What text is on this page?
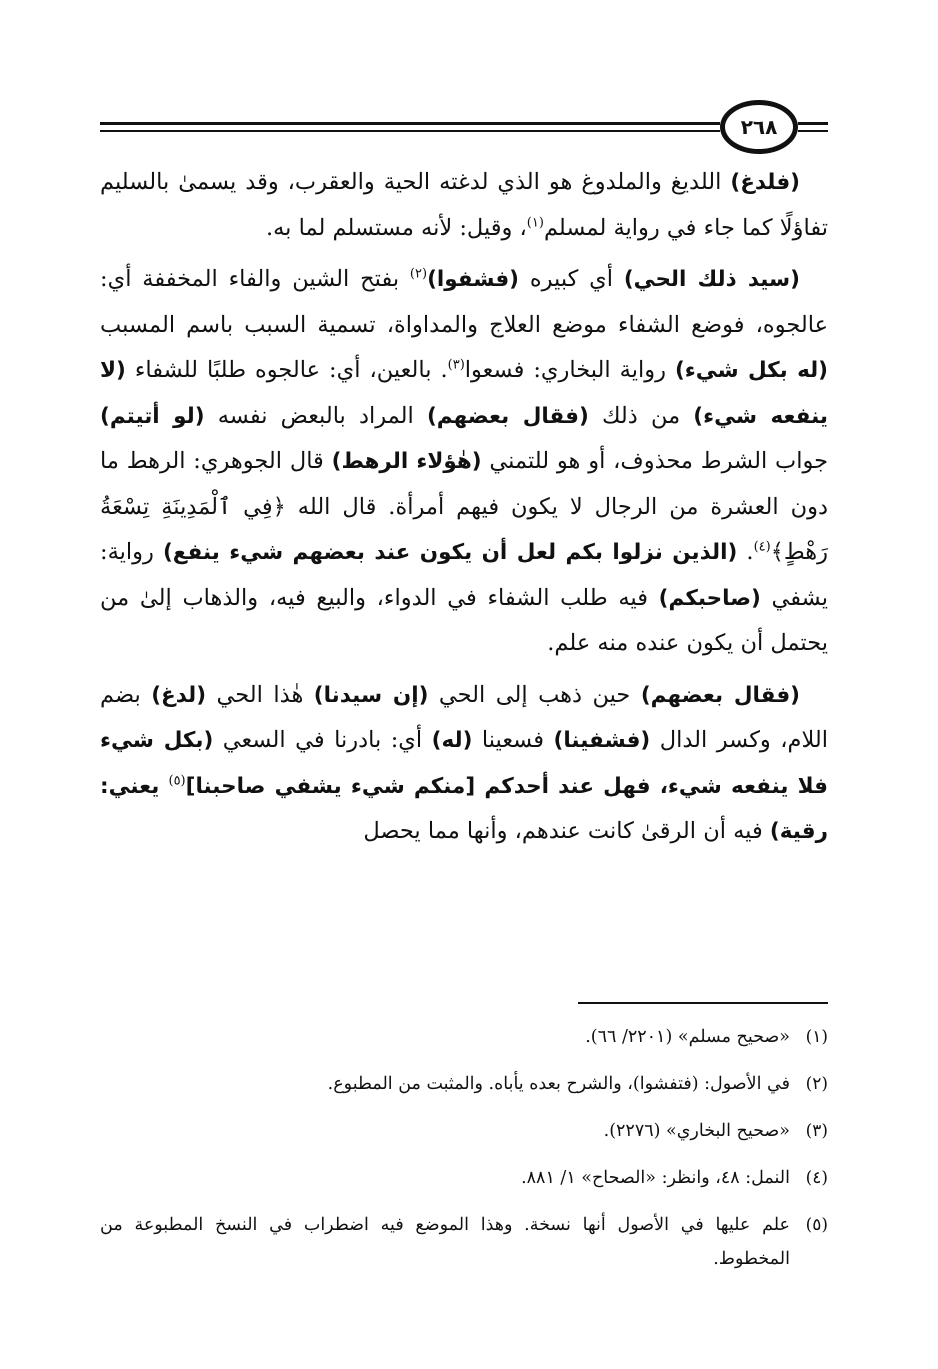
٢٦٨

(فلدغ) اللديغ والملدوغ هو الذي لدغته الحية والعقرب، وقد يسمىٰ بالسليم تفاؤلًا كما جاء في رواية لمسلم$^{(١)}$، وقيل: لأنه مستسلم لما به.

(سيد ذلك الحي) أي كبيره (فشفوا)$^{(٢)}$ بفتح الشين والفاء المخففة أي: عالجوه، فوضع الشفاء موضع العلاج والمداواة، تسمية السبب باسم المسبب (له بكل شيء) رواية البخاري: فسعوا$^{(٣)}$. بالعين، أي: عالجوه طلبًا للشفاء (لا ينفعه شيء) من ذلك (فقال بعضهم) المراد بالبعض نفسه (لو أتيتم) جواب الشرط محذوف، أو هو للتمني (هٰؤلاء الرهط) قال الجوهري: الرهط ما دون العشرة من الرجال لا يكون فيهم أمرأة. قال الله ﴿فِي ٱلْمَدِينَةِ تِسْعَةُ رَهْطٍ﴾$^{(٤)}$. (الذين نزلوا بكم لعل أن يكون عند بعضهم شيء ينفع) رواية: يشفي (صاحبكم) فيه طلب الشفاء في الدواء، والبيع فيه، والذهاب إلىٰ من يحتمل أن يكون عنده منه علم.

(فقال بعضهم) حين ذهب إلى الحي (إن سيدنا) هٰذا الحي (لدغ) بضم اللام، وكسر الدال (فشفينا) فسعينا (له) أي: بادرنا في السعي (بكل شيء فلا ينفعه شيء، فهل عند أحدكم [منكم شيء يشفي صاحبنا]$^{(٥)}$ يعني: رقية) فيه أن الرقىٰ كانت عندهم، وأنها مما يحصل

(١)
«صحيح مسلم» (٢٢٠١/ ٦٦).
(٢)
في الأصول: (فتفشوا)، والشرح بعده يأباه. والمثبت من المطبوع.
(٣)
«صحيح البخاري» (٢٢٧٦).
(٤)
النمل: ٤٨، وانظر: «الصحاح» ١/ ٨٨١.
(٥)
علم عليها في الأصول أنها نسخة. وهذا الموضع فيه اضطراب في النسخ المطبوعة من المخطوط.
